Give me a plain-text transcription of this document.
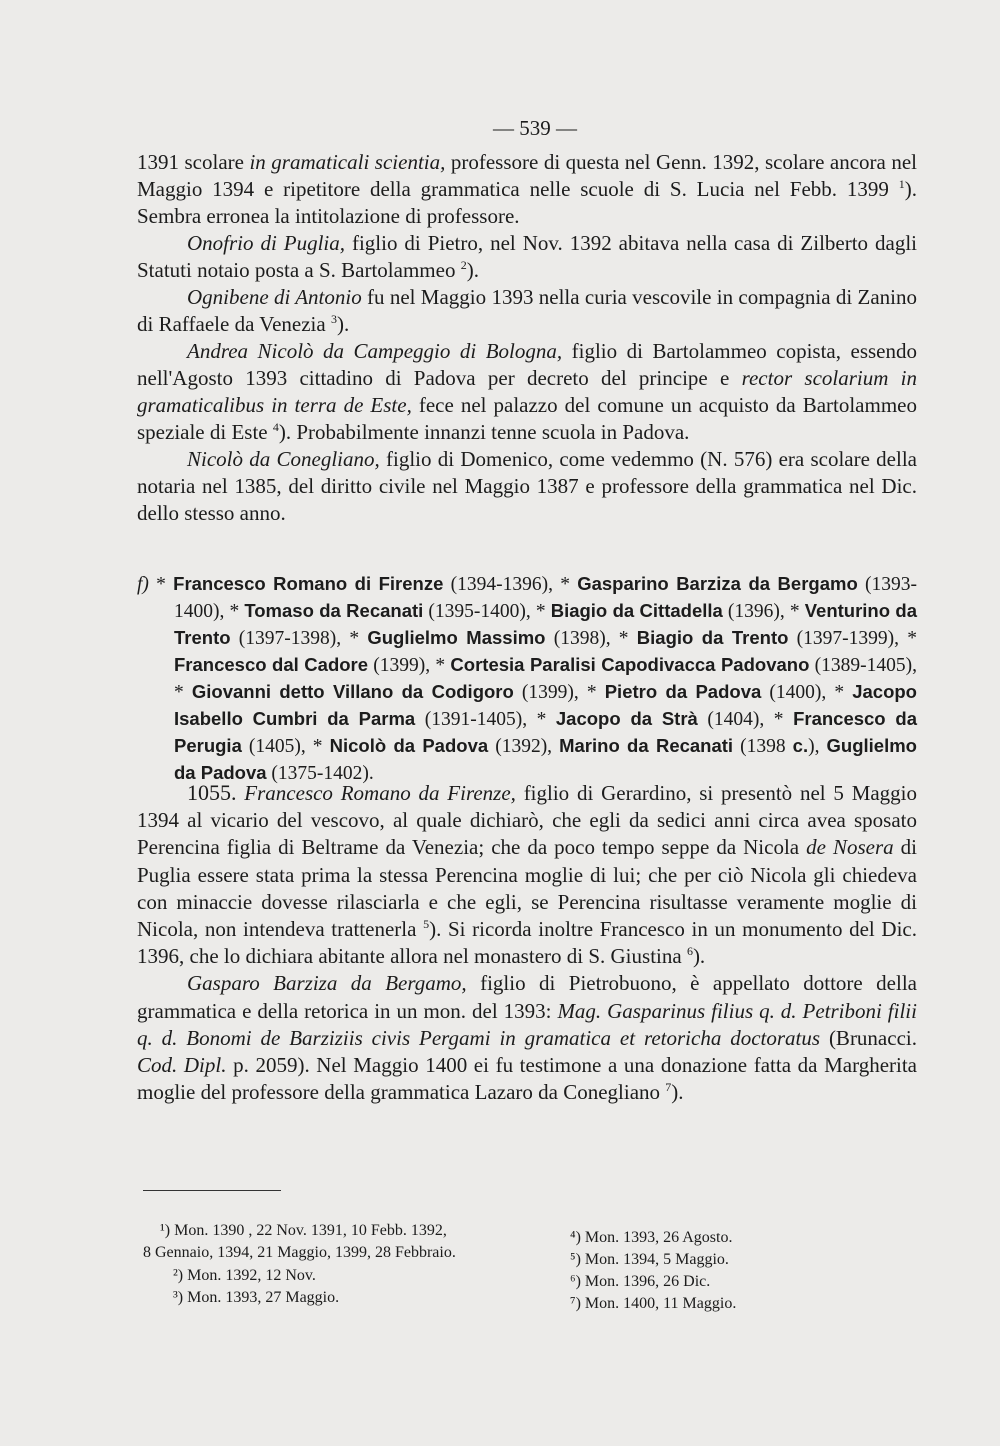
— 539 —

1391 scolare in gramaticali scientia, professore di questa nel Genn. 1392, scolare ancora nel Maggio 1394 e ripetitore della grammatica nelle scuole di S. Lucia nel Febb. 1399 $^1$). Sembra erronea la intitolazione di professore.

Onofrio di Puglia, figlio di Pietro, nel Nov. 1392 abitava nella casa di Zilberto dagli Statuti notaio posta a S. Bartolammeo $^2$).

Ognibene di Antonio fu nel Maggio 1393 nella curia vescovile in compagnia di Zanino di Raffaele da Venezia $^3$).

Andrea Nicolò da Campeggio di Bologna, figlio di Bartolammeo copista, essendo nell'Agosto 1393 cittadino di Padova per decreto del principe e rector scolarium in gramaticalibus in terra de Este, fece nel palazzo del comune un acquisto da Bartolammeo speziale di Este $^4$). Probabilmente innanzi tenne scuola in Padova.

Nicolò da Conegliano, figlio di Domenico, come vedemmo (N. 576) era scolare della notaria nel 1385, del diritto civile nel Maggio 1387 e professore della grammatica nel Dic. dello stesso anno.

f) * Francesco Romano di Firenze (1394-1396), * Gasparino Barziza da Bergamo (1393-1400), * Tomaso da Recanati (1395-1400), * Biagio da Cittadella (1396), * Venturino da Trento (1397-1398), * Guglielmo Massimo (1398), * Biagio da Trento (1397-1399), * Francesco dal Cadore (1399), * Cortesia Paralisi Capodivacca Padovano (1389-1405), * Giovanni detto Villano da Codigoro (1399), * Pietro da Padova (1400), * Jacopo Isabello Cumbri da Parma (1391-1405), * Jacopo da Strà (1404), * Francesco da Perugia (1405), * Nicolò da Padova (1392), Marino da Recanati (1398 c.), Guglielmo da Padova (1375-1402).

1055. Francesco Romano da Firenze, figlio di Gerardino, si presentò nel 5 Maggio 1394 al vicario del vescovo, al quale dichiarò, che egli da sedici anni circa avea sposato Perencina figlia di Beltrame da Venezia; che da poco tempo seppe da Nicola de Nosera di Puglia essere stata prima la stessa Perencina moglie di lui; che per ciò Nicola gli chiedeva con minaccie dovesse rilasciarla e che egli, se Perencina risultasse veramente moglie di Nicola, non intendeva trattenerla $^5$). Si ricorda inoltre Francesco in un monumento del Dic. 1396, che lo dichiara abitante allora nel monastero di S. Giustina $^6$).

Gasparo Barziza da Bergamo, figlio di Pietrobuono, è appellato dottore della grammatica e della retorica in un mon. del 1393: Mag. Gasparinus filius q. d. Petriboni filii q. d. Bonomi de Barziziis civis Pergami in gramatica et retoricha doctoratus (Brunacci. Cod. Dipl. p. 2059). Nel Maggio 1400 ei fu testimone a una donazione fatta da Margherita moglie del professore della grammatica Lazaro da Conegliano $^7$).

¹) Mon. 1390 , 22 Nov. 1391, 10 Febb. 1392,
8 Gennaio, 1394, 21 Maggio, 1399, 28 Febbraio.
²) Mon. 1392, 12 Nov.
³) Mon. 1393, 27 Maggio.
⁴) Mon. 1393, 26 Agosto.
⁵) Mon. 1394, 5 Maggio.
⁶) Mon. 1396, 26 Dic.
⁷) Mon. 1400, 11 Maggio.
